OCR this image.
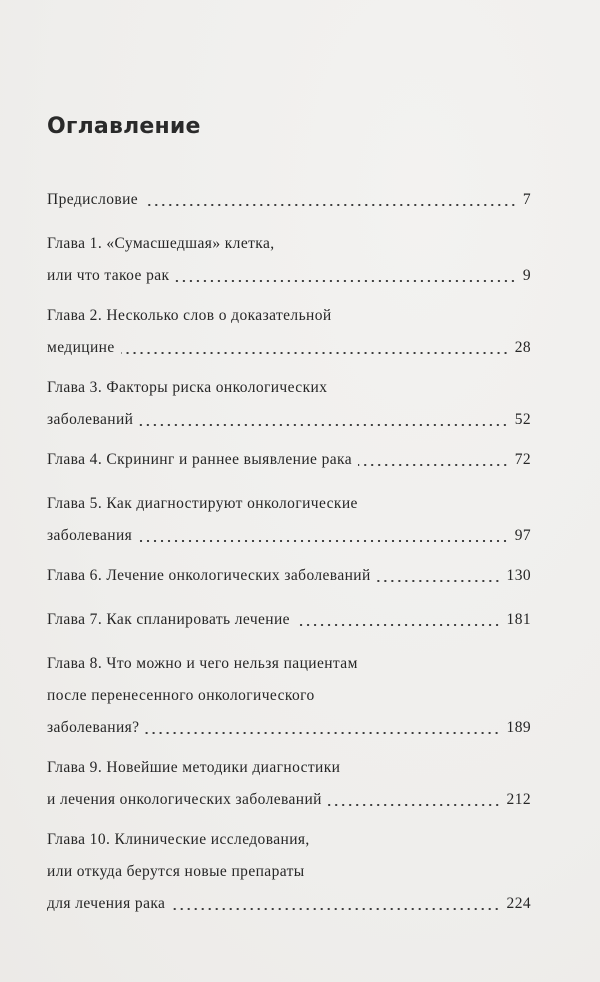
Оглавление
Предисловие	7
Глава 1. «Сумасшедшая» клетка,
или что такое рак	9
Глава 2. Несколько слов о доказательной
медицине	28
Глава 3. Факторы риска онкологических
заболеваний	52
Глава 4. Скрининг и раннее выявление рака	72
Глава 5. Как диагностируют онкологические
заболевания	97
Глава 6. Лечение онкологических заболеваний	130
Глава 7. Как спланировать лечение	181
Глава 8. Что можно и чего нельзя пациентам
после перенесенного онкологического
заболевания?	189
Глава 9. Новейшие методики диагностики
и лечения онкологических заболеваний	212
Глава 10. Клинические исследования,
или откуда берутся новые препараты
для лечения рака	224
